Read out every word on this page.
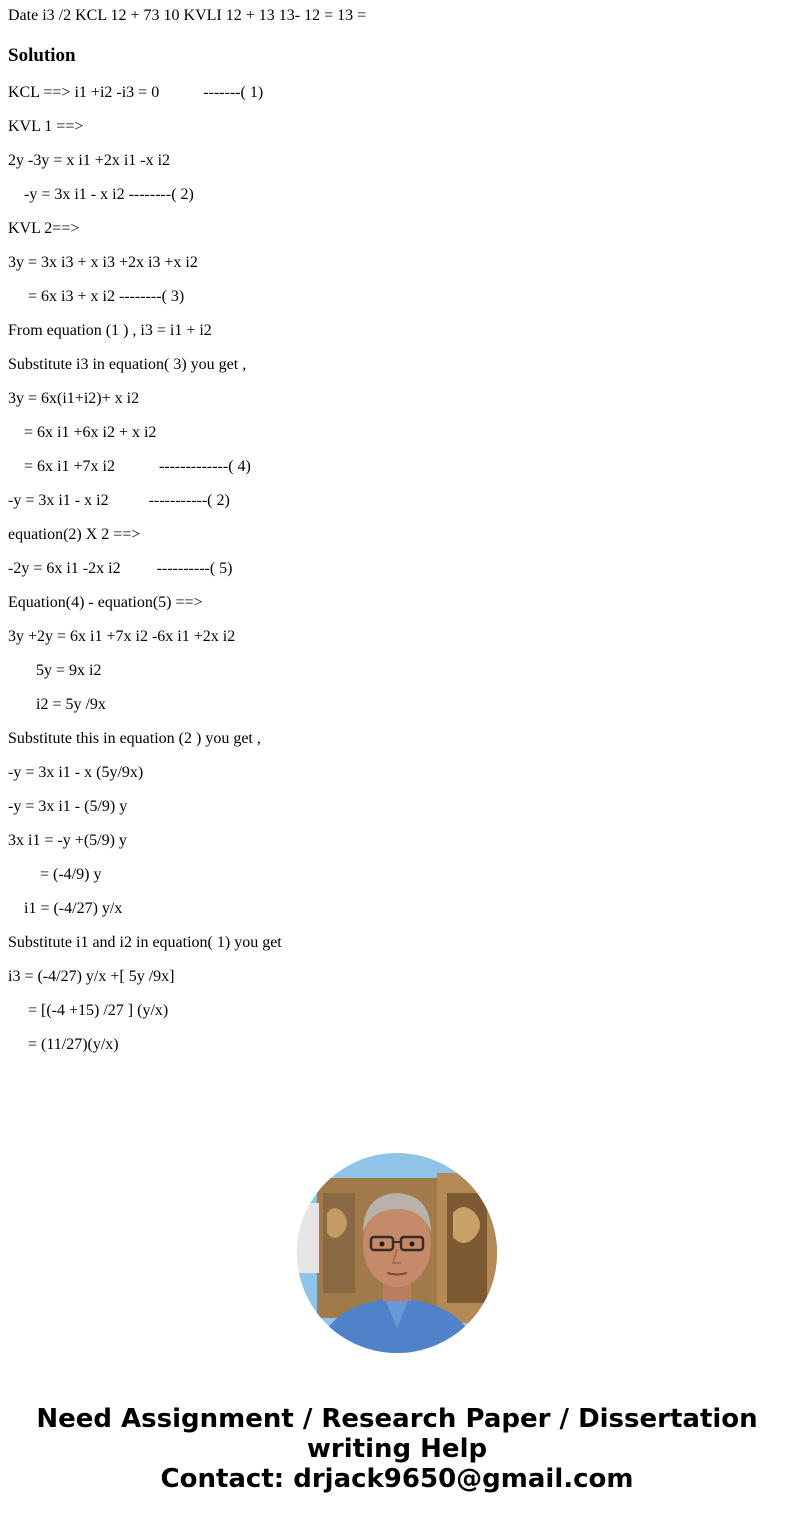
Date i3 /2 KCL 12 + 73 10 KVLI 12 + 13 13- 12 = 13 =

Solution
KCL ==> i1 +i2 -i3 = 0           -------( 1)
KVL 1 ==>
2y -3y = x i1 +2x i1 -x i2
-y = 3x i1 - x i2 --------( 2)
KVL 2==>
3y = 3x i3 + x i3 +2x i3 +x i2
= 6x i3 + x i2 --------( 3)
From equation (1 ) , i3 = i1 + i2
Substitute i3 in equation( 3) you get ,
3y = 6x(i1+i2)+ x i2
= 6x i1 +6x i2 + x i2
= 6x i1 +7x i2           -------------( 4)
-y = 3x i1 - x i2          -----------( 2)
equation(2) X 2 ==>
-2y = 6x i1 -2x i2         ----------( 5)
Equation(4) - equation(5) ==>
3y +2y = 6x i1 +7x i2 -6x i1 +2x i2
5y = 9x i2
i2 = 5y /9x
Substitute this in equation (2 ) you get ,
-y = 3x i1 - x (5y/9x)
-y = 3x i1 - (5/9) y
3x i1 = -y +(5/9) y
= (-4/9) y
i1 = (-4/27) y/x
Substitute i1 and i2 in equation( 1) you get
i3 = (-4/27) y/x +[ 5y /9x]
= [(-4 +15) /27 ] (y/x)
= (11/27)(y/x)
Need Assignment / Research Paper / Dissertation
writing Help
Contact: drjack9650@gmail.com
